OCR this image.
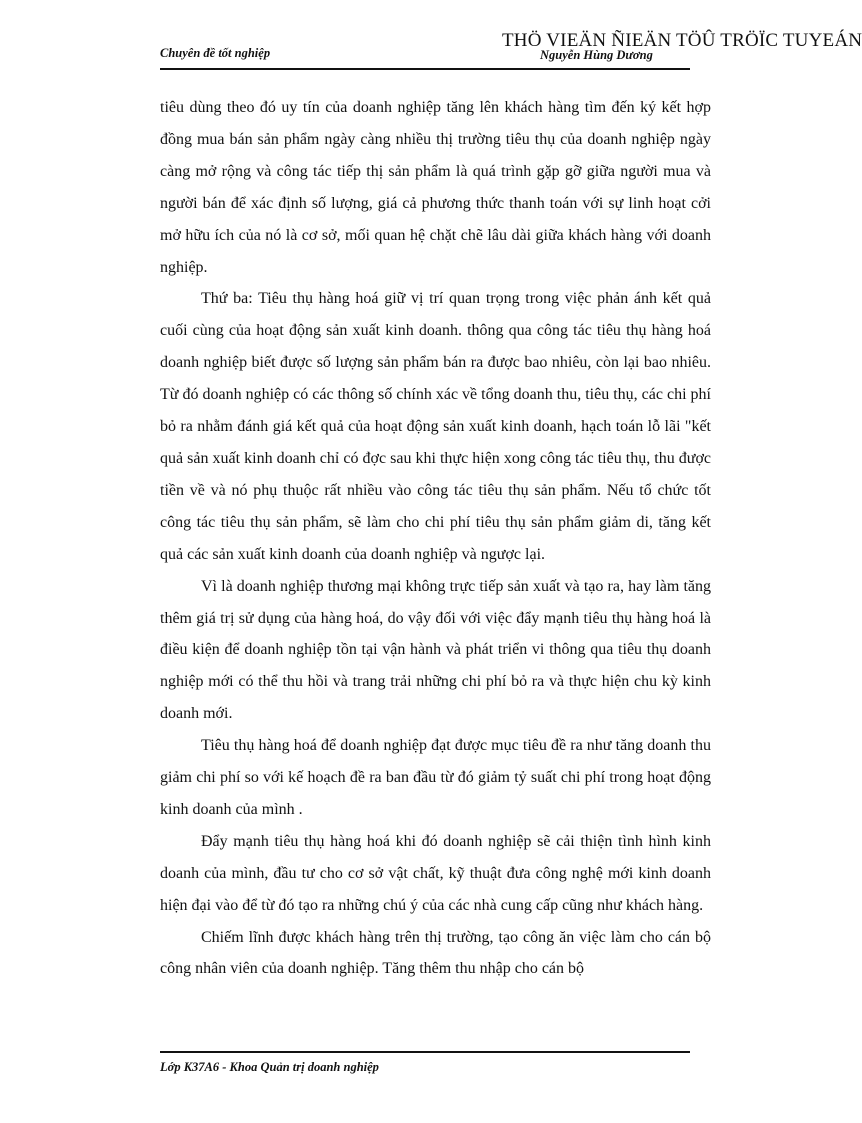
Chuyên đề tốt nghiệp
THÖ VIEÄN ÑIEÄN TÖÛ TRÖÏC TUYEÁN
Nguyễn Hùng Dương

tiêu dùng theo đó uy tín của doanh nghiệp tăng lên khách hàng tìm đến ký kết hợp đồng mua bán sản phẩm ngày càng nhiều thị trường tiêu thụ của doanh nghiệp ngày càng mở rộng và công tác tiếp thị sản phẩm là quá trình gặp gỡ giữa người mua và người bán để xác định số lượng, giá cả phương thức thanh toán với sự linh hoạt cởi mở hữu ích của nó là cơ sở, mối quan hệ chặt chẽ lâu dài giữa khách hàng với doanh nghiệp.

Thứ ba: Tiêu thụ hàng hoá giữ vị trí quan trọng trong việc phản ánh kết quả cuối cùng của hoạt động sản xuất kinh doanh. thông qua công tác tiêu thụ hàng hoá doanh nghiệp biết được số lượng sản phẩm bán ra được bao nhiêu, còn lại bao nhiêu. Từ đó doanh nghiệp có các thông số chính xác về tổng doanh thu, tiêu thụ, các chi phí bỏ ra nhằm đánh giá kết quả của hoạt động sản xuất kinh doanh, hạch toán lỗ lãi "kết quả sản xuất kinh doanh chỉ có đợc sau khi thực hiện xong công tác tiêu thụ, thu được tiền về và nó phụ thuộc rất nhiều vào công tác tiêu thụ sản phẩm. Nếu tổ chức tốt công tác tiêu thụ sản phẩm, sẽ làm cho chi phí tiêu thụ sản phẩm giảm di, tăng kết quả các sản xuất kinh doanh của doanh nghiệp và ngược lại.

Vì là doanh nghiệp thương mại không trực tiếp sản xuất và tạo ra, hay làm tăng thêm giá trị sử dụng của hàng hoá, do vậy đối với việc đẩy mạnh tiêu thụ hàng hoá là điều kiện để doanh nghiệp tồn tại vận hành và phát triển vi thông qua tiêu thụ doanh nghiệp mới có thể thu hồi và trang trải những chi phí bỏ ra và thực hiện chu kỳ kinh doanh mới.

Tiêu thụ hàng hoá để doanh nghiệp đạt được mục tiêu đề ra như tăng doanh thu giảm chi phí so với kế hoạch đề ra ban đầu từ đó giảm tỷ suất chi phí trong hoạt động kinh doanh của mình .

Đẩy mạnh tiêu thụ hàng hoá khi đó doanh nghiệp sẽ cải thiện tình hình kinh doanh của mình, đầu tư cho cơ sở vật chất, kỹ thuật đưa công nghệ mới kinh doanh hiện đại vào để từ đó tạo ra những chú ý của các nhà cung cấp cũng như khách hàng.

Chiếm lĩnh được khách hàng trên thị trường, tạo công ăn việc làm cho cán bộ công nhân viên của doanh nghiệp. Tăng thêm thu nhập cho cán bộ

Lớp K37A6 - Khoa Quản trị doanh nghiệp
